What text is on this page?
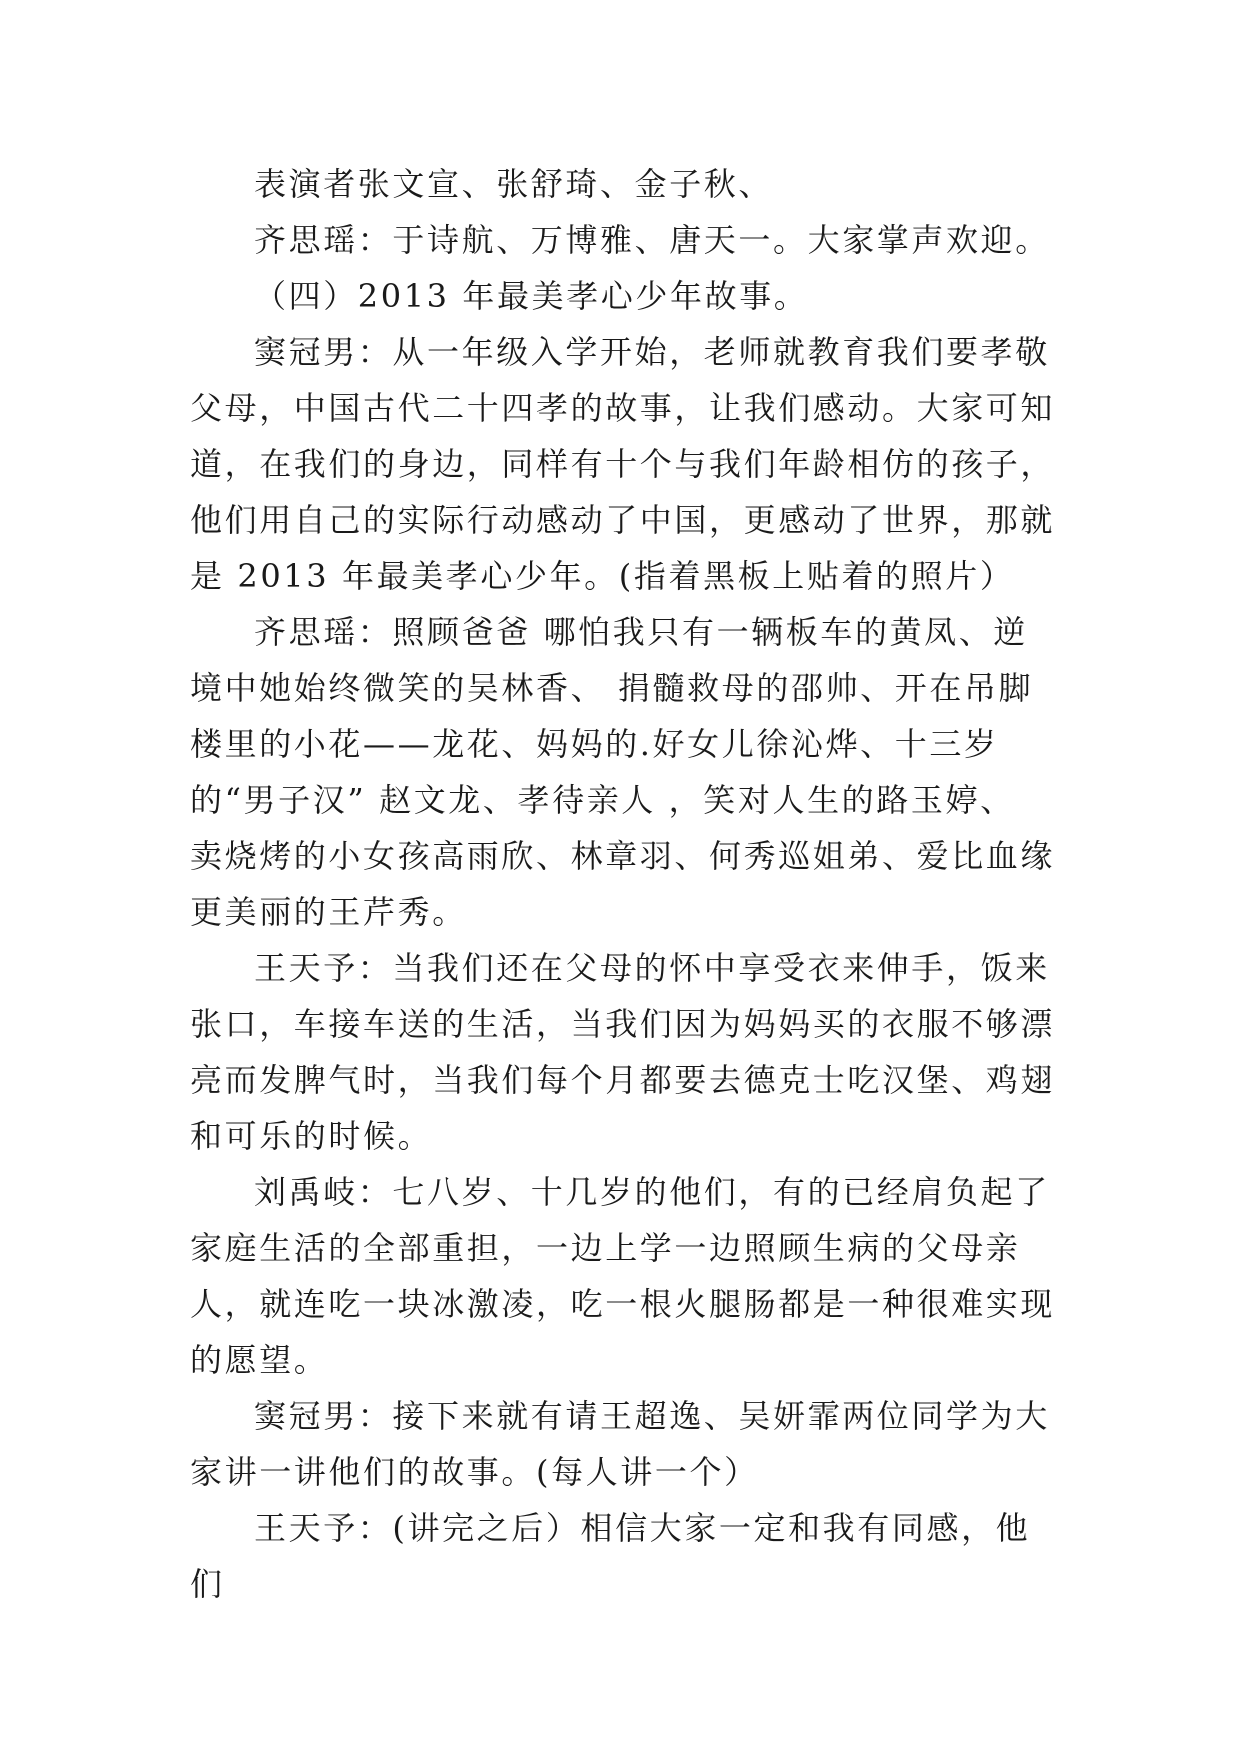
表演者张文宣、张舒琦、金子秋、

齐思瑶：于诗航、万博雅、唐天一。大家掌声欢迎。

（四）2013 年最美孝心少年故事。

窦冠男：从一年级入学开始，老师就教育我们要孝敬父母，中国古代二十四孝的故事，让我们感动。大家可知道，在我们的身边，同样有十个与我们年龄相仿的孩子，他们用自己的实际行动感动了中国，更感动了世界，那就是 2013 年最美孝心少年。(指着黑板上贴着的照片）

齐思瑶：照顾爸爸 哪怕我只有一辆板车的黄凤、逆境中她始终微笑的吴林香、 捐髓救母的邵帅、开在吊脚楼里的小花——龙花、妈妈的.好女儿徐沁烨、十三岁的“男子汉” 赵文龙、孝待亲人 ，笑对人生的路玉婷、 卖烧烤的小女孩高雨欣、林章羽、何秀巡姐弟、爱比血缘更美丽的王芹秀。

王天予：当我们还在父母的怀中享受衣来伸手，饭来张口，车接车送的生活，当我们因为妈妈买的衣服不够漂亮而发脾气时，当我们每个月都要去德克士吃汉堡、鸡翅和可乐的时候。

刘禹岐：七八岁、十几岁的他们，有的已经肩负起了家庭生活的全部重担，一边上学一边照顾生病的父母亲人，就连吃一块冰激凌，吃一根火腿肠都是一种很难实现的愿望。

窦冠男：接下来就有请王超逸、吴妍霏两位同学为大家讲一讲他们的故事。(每人讲一个）

王天予：(讲完之后）相信大家一定和我有同感，他们
